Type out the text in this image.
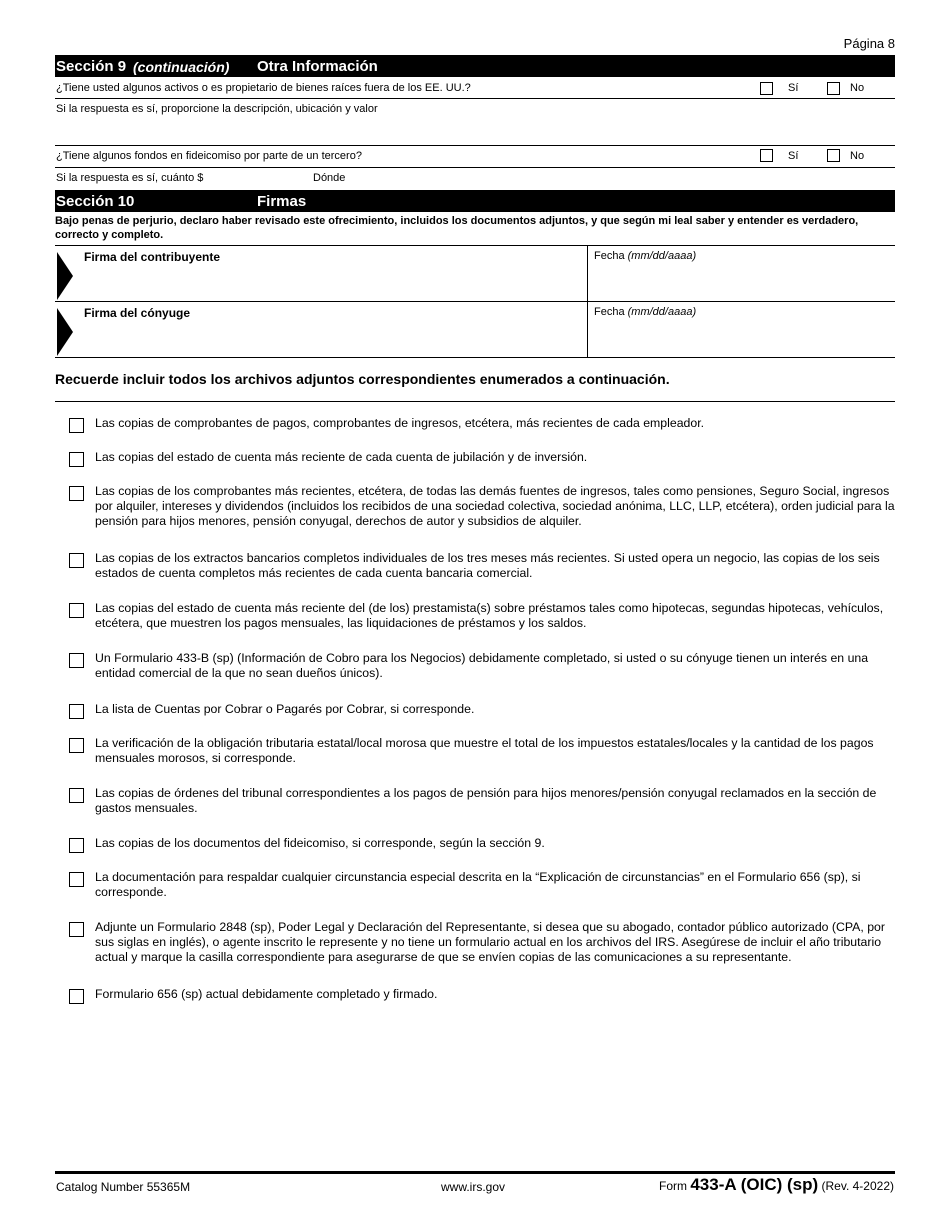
Página 8
Sección 9 (continuación) Otra Información
¿Tiene usted algunos activos o es propietario de bienes raíces fuera de los EE. UU.?	Sí	No
Si la respuesta es sí, proporcione la descripción, ubicación y valor
¿Tiene algunos fondos en fideicomiso por parte de un tercero?	Sí	No
Si la respuesta es sí, cuánto $	Dónde
Sección 10	Firmas
Bajo penas de perjurio, declaro haber revisado este ofrecimiento, incluidos los documentos adjuntos, y que según mi leal saber y entender es verdadero, correcto y completo.
Firma del contribuyente	Fecha (mm/dd/aaaa)
Firma del cónyuge	Fecha (mm/dd/aaaa)
Recuerde incluir todos los archivos adjuntos correspondientes enumerados a continuación.
Las copias de comprobantes de pagos, comprobantes de ingresos, etcétera, más recientes de cada empleador.
Las copias del estado de cuenta más reciente de cada cuenta de jubilación y de inversión.
Las copias de los comprobantes más recientes, etcétera, de todas las demás fuentes de ingresos, tales como pensiones, Seguro Social, ingresos por alquiler, intereses y dividendos (incluidos los recibidos de una sociedad colectiva, sociedad anónima, LLC, LLP, etcétera), orden judicial para la pensión para hijos menores, pensión conyugal, derechos de autor y subsidios de alquiler.
Las copias de los extractos bancarios completos individuales de los tres meses más recientes. Si usted opera un negocio, las copias de los seis estados de cuenta completos más recientes de cada cuenta bancaria comercial.
Las copias del estado de cuenta más reciente del (de los) prestamista(s) sobre préstamos tales como hipotecas, segundas hipotecas, vehículos, etcétera, que muestren los pagos mensuales, las liquidaciones de préstamos y los saldos.
Un Formulario 433-B (sp) (Información de Cobro para los Negocios) debidamente completado, si usted o su cónyuge tienen un interés en una entidad comercial de la que no sean dueños únicos).
La lista de Cuentas por Cobrar o Pagarés por Cobrar, si corresponde.
La verificación de la obligación tributaria estatal/local morosa que muestre el total de los impuestos estatales/locales y la cantidad de los pagos mensuales morosos, si corresponde.
Las copias de órdenes del tribunal correspondientes a los pagos de pensión para hijos menores/pensión conyugal reclamados en la sección de gastos mensuales.
Las copias de los documentos del fideicomiso, si corresponde, según la sección 9.
La documentación para respaldar cualquier circunstancia especial descrita en la “Explicación de circunstancias” en el Formulario 656 (sp), si corresponde.
Adjunte un Formulario 2848 (sp), Poder Legal y Declaración del Representante, si desea que su abogado, contador público autorizado (CPA, por sus siglas en inglés), o agente inscrito le represente y no tiene un formulario actual en los archivos del IRS. Asegúrese de incluir el año tributario actual y marque la casilla correspondiente para asegurarse de que se envíen copias de las comunicaciones a su representante.
Formulario 656 (sp) actual debidamente completado y firmado.
Catalog Number 55365M	www.irs.gov	Form 433-A (OIC) (sp) (Rev. 4-2022)
